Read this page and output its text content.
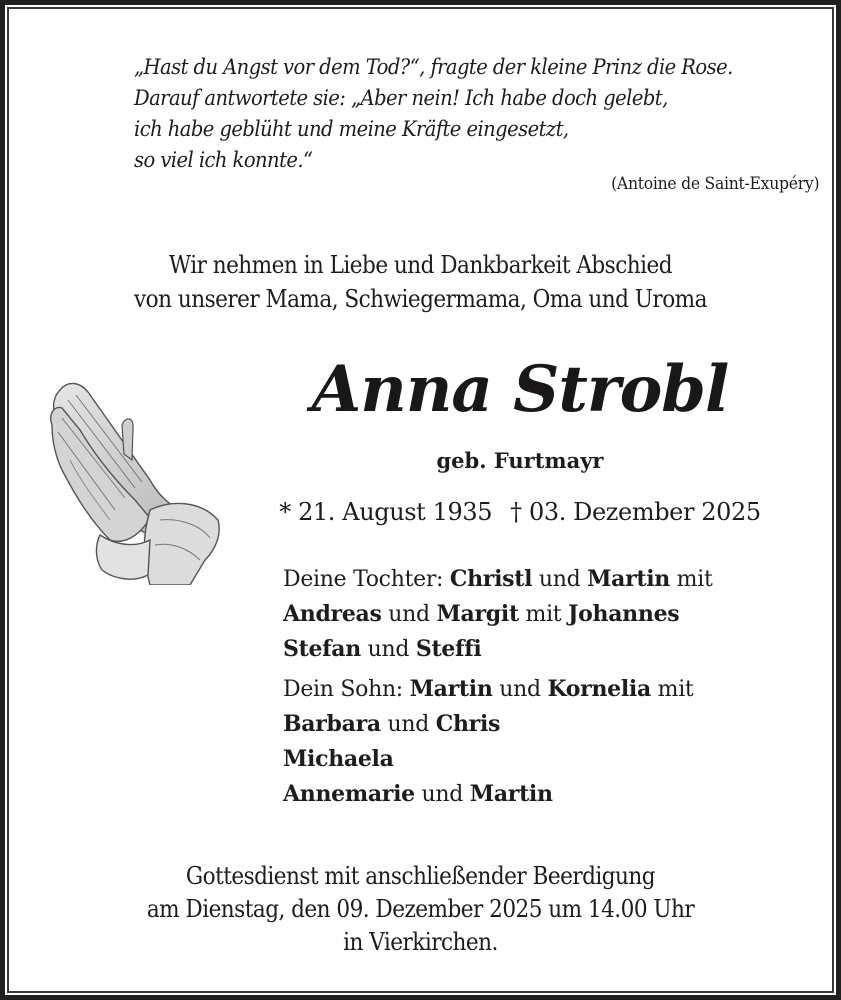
„Hast du Angst vor dem Tod?“, fragte der kleine Prinz die Rose.
Darauf antwortete sie: „Aber nein! Ich habe doch gelebt,
ich habe geblüht und meine Kräfte eingesetzt,
so viel ich konnte.“
(Antoine de Saint-Exupéry)
Wir nehmen in Liebe und Dankbarkeit Abschied
von unserer Mama, Schwiegermama, Oma und Uroma
Anna Strobl
geb. Furtmayr
* 21. August 1935 † 03. Dezember 2025
Deine Tochter: Christl und Martin mit
Andreas und Margit mit Johannes
Stefan und Steffi
Dein Sohn: Martin und Kornelia mit
Barbara und Chris
Michaela
Annemarie und Martin
Gottesdienst mit anschließender Beerdigung
am Dienstag, den 09. Dezember 2025 um 14.00 Uhr
in Vierkirchen.
